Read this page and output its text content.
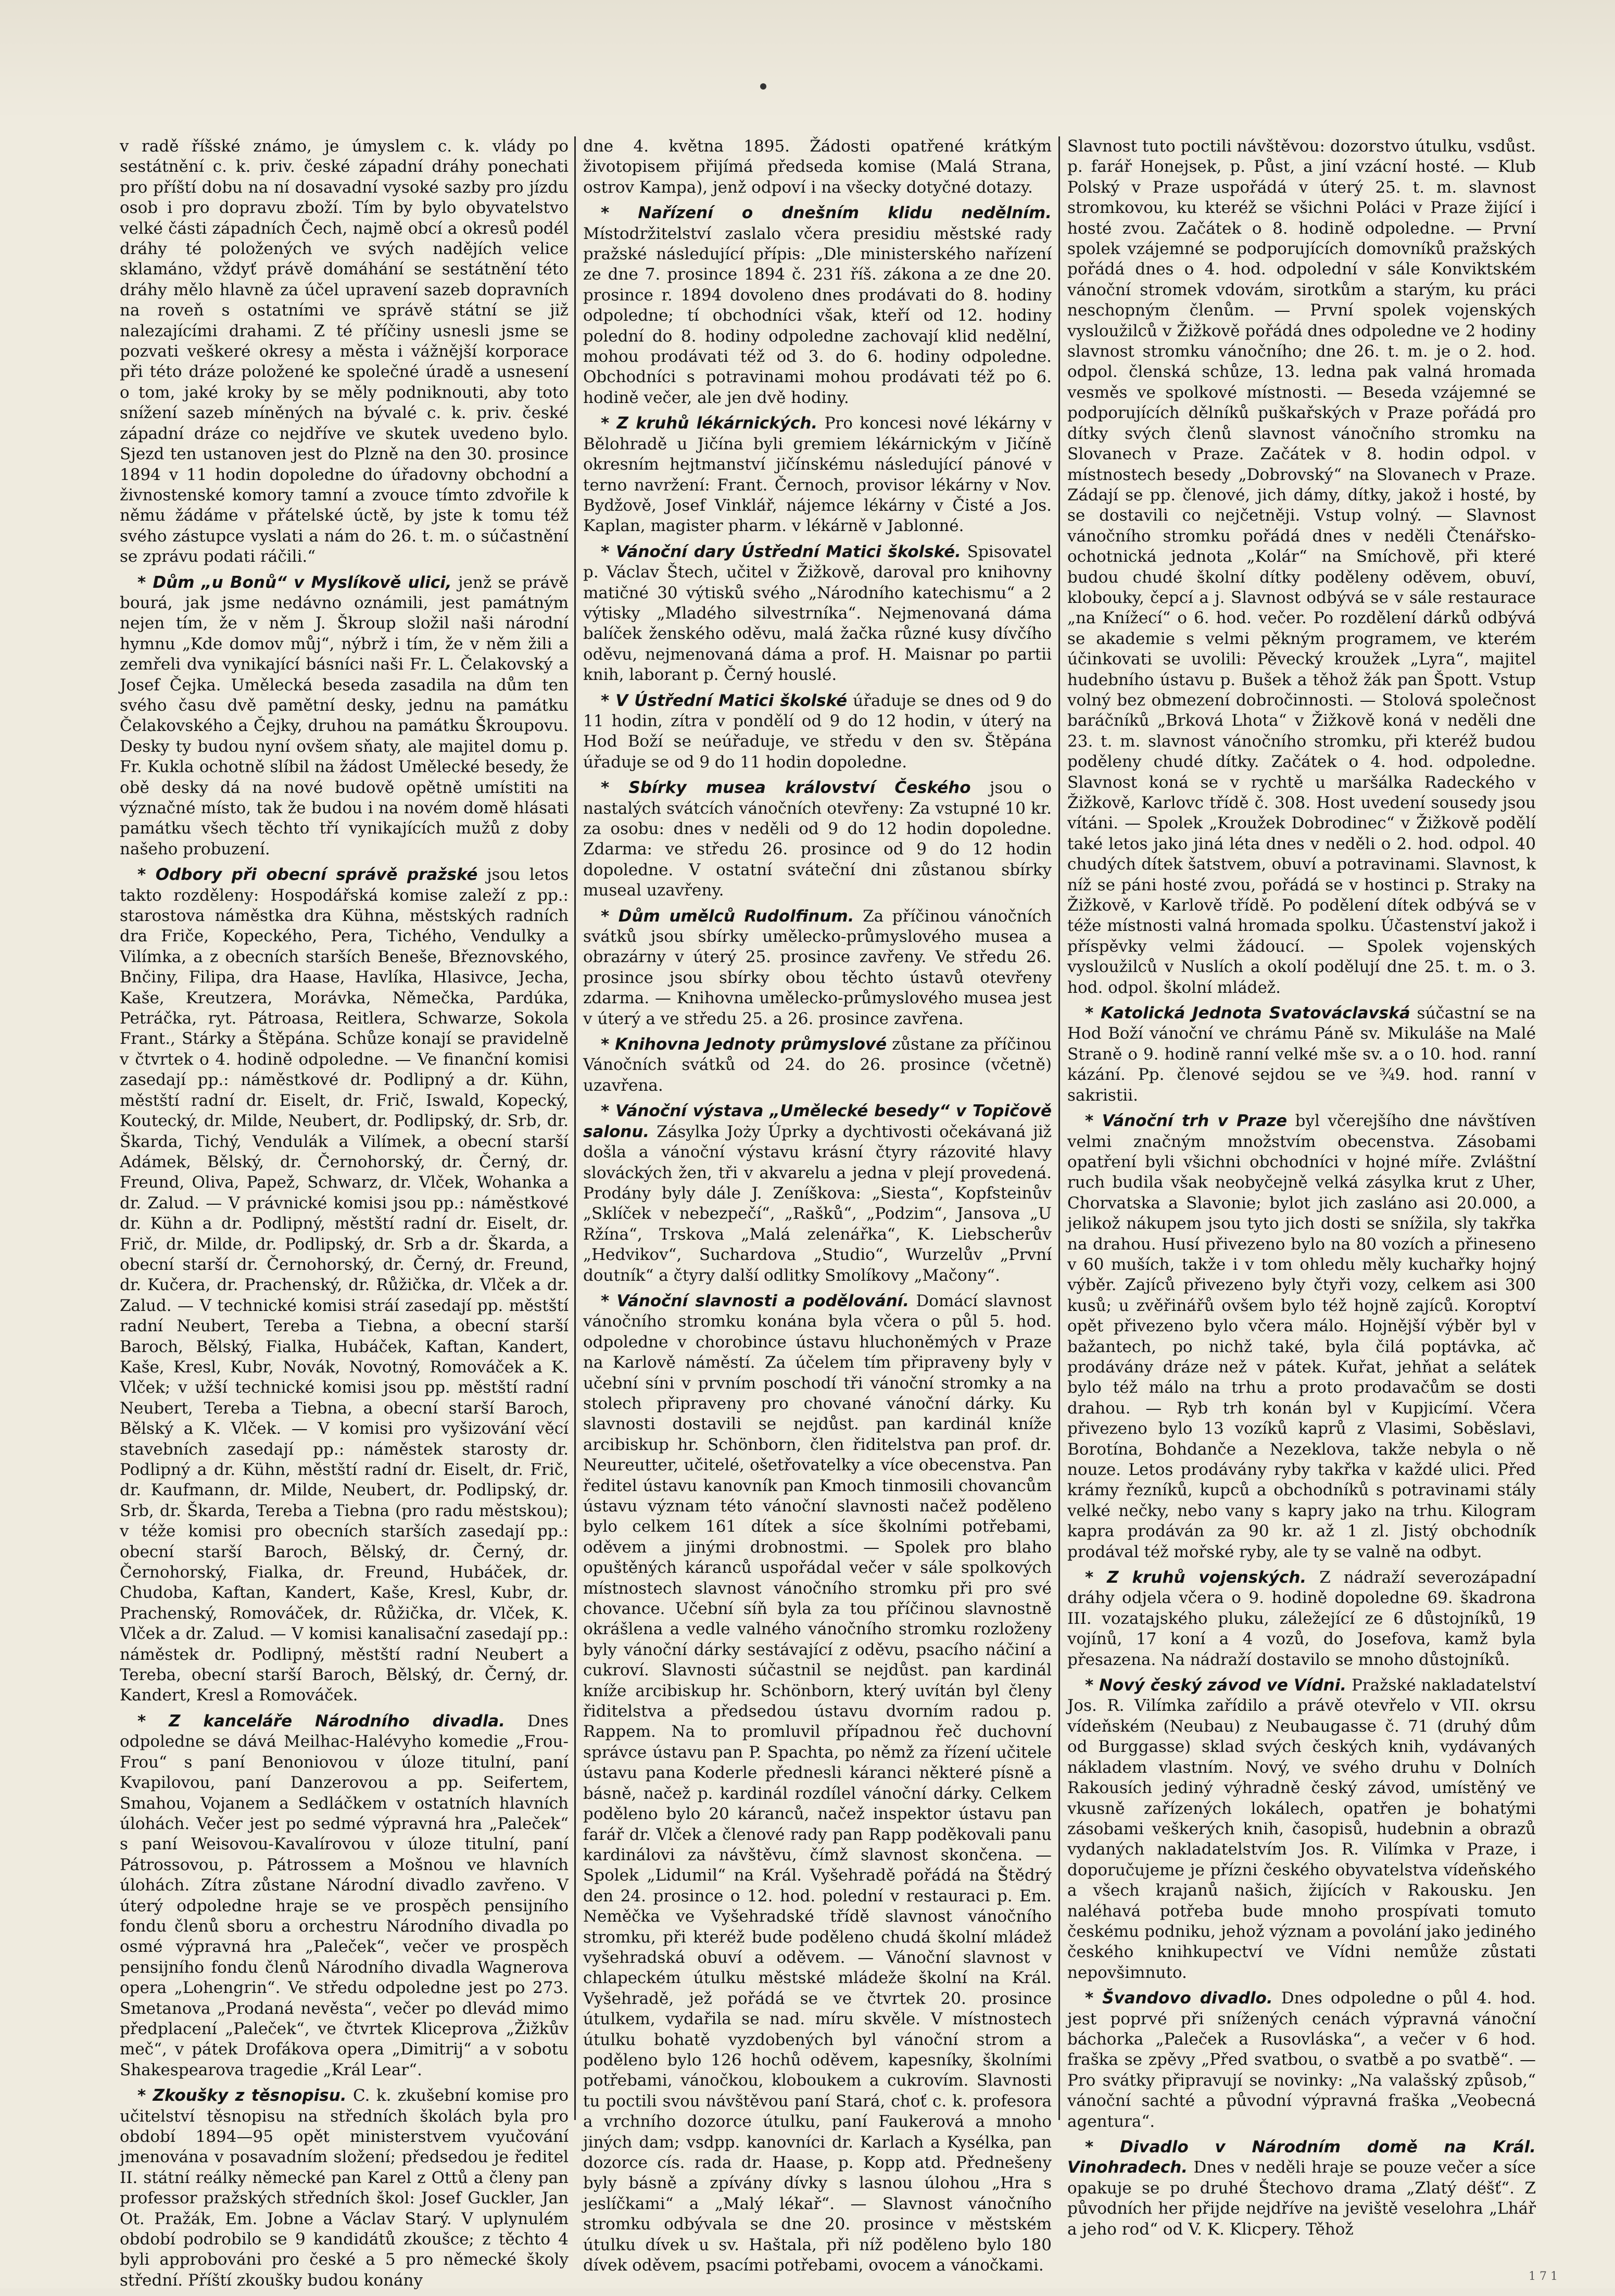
v radě říšské známo, je úmyslem c. k. vlády po sestátnění c. k. priv. české západní dráhy ponechati pro příští dobu na ní dosavadní vysoké sazby pro jízdu osob i pro dopravu zboží. Tím by bylo obyvatelstvo velké části západních Čech, najmě obcí a okresů podél dráhy té položených ve svých nadějích velice sklamáno, vždyť právě domáhání se sestátnění této dráhy mělo hlavně za účel upravení sazeb dopravních na roveň s ostatními ve správě státní se již nalezajícími drahami. Z té příčiny usnesli jsme se pozvati veškeré okresy a města i vážnější korporace při této dráze položené ke společné úradě a usnesení o tom, jaké kroky by se měly podniknouti, aby toto snížení sazeb míněných na bývalé c. k. priv. české západní dráze co nejdříve ve skutek uvedeno bylo. Sjezd ten ustanoven jest do Plzně na den 30. prosince 1894 v 11 hodin dopoledne do úřadovny obchodní a živnostenské komory tamní a zvouce tímto zdvořile k němu žádáme v přátelské úctě, by jste k tomu též svého zástupce vyslati a nám do 26. t. m. o súčastnění se zprávu podati ráčili.“

* Dům „u Bonů“ v Myslíkově ulici, jenž se právě bourá, jak jsme nedávno oznámili, jest památným nejen tím, že v něm J. Škroup složil naši národní hymnu „Kde domov můj“, nýbrž i tím, že v něm žili a zemřeli dva vynikající básníci naši Fr. L. Čelakovský a Josef Čejka. Umělecká beseda zasadila na dům ten svého času dvě pamětní desky, jednu na památku Čelakovského a Čejky, druhou na památku Škroupovu. Desky ty budou nyní ovšem sňaty, ale majitel domu p. Fr. Kukla ochotně slíbil na žádost Umělecké besedy, že obě desky dá na nové budově opětně umístiti na význačné místo, tak že budou i na novém domě hlásati památku všech těchto tří vynikajících mužů z doby našeho probuzení.

* Odbory při obecní správě pražské jsou letos takto rozděleny: Hospodářská komise zaleží z pp.: starostova náměstka dra Kühna, městských radních dra Friče, Kopeckého, Pera, Tichého, Vendulky a Vilímka, a z obecních starších Beneše, Březnovského, Bnčiny, Filipa, dra Haase, Havlíka, Hlasivce, Jecha, Kaše, Kreutzera, Morávka, Němečka, Pardúka, Petráčka, ryt. Pátroasa, Reitlera, Schwarze, Sokola Frant., Stárky a Štěpána. Schůze konají se pravidelně v čtvrtek o 4. hodině odpoledne. — Ve finanční komisi zasedají pp.: náměstkové dr. Podlipný a dr. Kühn, městští radní dr. Eiselt, dr. Frič, Iswald, Kopecký, Koutecký, dr. Milde, Neubert, dr. Podlipský, dr. Srb, dr. Škarda, Tichý, Vendulák a Vilímek, a obecní starší Adámek, Bělský, dr. Černohorský, dr. Černý, dr. Freund, Oliva, Papež, Schwarz, dr. Vlček, Wohanka a dr. Zalud. — V právnické komisi jsou pp.: náměstkové dr. Kühn a dr. Podlipný, městští radní dr. Eiselt, dr. Frič, dr. Milde, dr. Podlipský, dr. Srb a dr. Škarda, a obecní starší dr. Černohorský, dr. Černý, dr. Freund, dr. Kučera, dr. Prachenský, dr. Růžička, dr. Vlček a dr. Zalud. — V technické komisi stráí zasedají pp. městští radní Neubert, Tereba a Tiebna, a obecní starší Baroch, Bělský, Fialka, Hubáček, Kaftan, Kandert, Kaše, Kresl, Kubr, Novák, Novotný, Romováček a K. Vlček; v užší technické komisi jsou pp. městští radní Neubert, Tereba a Tiebna, a obecní starší Baroch, Bělský a K. Vlček. — V komisi pro vyšizování věcí stavebních zasedají pp.: náměstek starosty dr. Podlipný a dr. Kühn, městští radní dr. Eiselt, dr. Frič, dr. Kaufmann, dr. Milde, Neubert, dr. Podlipský, dr. Srb, dr. Škarda, Tereba a Tiebna (pro radu městskou); v téže komisi pro obecních starších zasedají pp.: obecní starší Baroch, Bělský, dr. Černý, dr. Černohorský, Fialka, dr. Freund, Hubáček, dr. Chudoba, Kaftan, Kandert, Kaše, Kresl, Kubr, dr. Prachenský, Romováček, dr. Růžička, dr. Vlček, K. Vlček a dr. Zalud. — V komisi kanalisační zasedají pp.: náměstek dr. Podlipný, městští radní Neubert a Tereba, obecní starší Baroch, Bělský, dr. Černý, dr. Kandert, Kresl a Romováček.

* Z kanceláře Národního divadla. Dnes odpoledne se dává Meilhac-Halévyho komedie „Frou-Frou“ s paní Benoniovou v úloze titulní, paní Kvapilovou, paní Danzerovou a pp. Seifertem, Smahou, Vojanem a Sedláčkem v ostatních hlavních úlohách. Večer jest po sedmé výpravná hra „Paleček“ s paní Weisovou-Kavalírovou v úloze titulní, paní Pátrossovou, p. Pátrossem a Mošnou ve hlavních úlohách. Zítra zůstane Národní divadlo zavřeno. V úterý odpoledne hraje se ve prospěch pensijního fondu členů sboru a orchestru Národního divadla po osmé výpravná hra „Paleček“, večer ve prospěch pensijního fondu členů Národního divadla Wagnerova opera „Lohengrin“. Ve středu odpoledne jest po 273. Smetanova „Prodaná nevěsta“, večer po dlevád mimo předplacení „Paleček“, ve čtvrtek Kliceprova „Žižkův meč“, v pátek Drofákova opera „Dimitrij“ a v sobotu Shakespearova tragedie „Král Lear“.

* Zkoušky z těsnopisu. C. k. zkušební komise pro učitelství těsnopisu na středních školách byla pro období 1894—95 opět ministerstvem vyučování jmenována v posavadním složení; předsedou je ředitel II. státní reálky německé pan Karel z Ottů a členy pan professor pražských středních škol: Josef Guckler, Jan Ot. Pražák, Em. Jobne a Václav Starý. V uplynulém období podrobilo se 9 kandidátů zkoušce; z těchto 4 byli approbováni pro české a 5 pro německé školy střední. Příští zkoušky budou konány

dne 4. května 1895. Žádosti opatřené krátkým životopisem přijímá předseda komise (Malá Strana, ostrov Kampa), jenž odpoví i na všecky dotyčné dotazy.

* Nařízení o dnešním klidu nedělním. Místodržitelství zaslalo včera presidiu městské rady pražské následující přípis: „Dle ministerského nařízení ze dne 7. prosince 1894 č. 231 říš. zákona a ze dne 20. prosince r. 1894 dovoleno dnes prodávati do 8. hodiny odpoledne; tí obchodníci však, kteří od 12. hodiny polední do 8. hodiny odpoledne zachovají klid nedělní, mohou prodávati též od 3. do 6. hodiny odpoledne. Obchodníci s potravinami mohou prodávati též po 6. hodině večer, ale jen dvě hodiny.

* Z kruhů lékárnických. Pro koncesi nové lékárny v Bělohradě u Jičína byli gremiem lékárnickým v Jičíně okresním hejtmanství jičínskému následující pánové v terno navržení: Frant. Černoch, provisor lékárny v Nov. Bydžově, Josef Vinklář, nájemce lékárny v Čisté a Jos. Kaplan, magister pharm. v lékárně v Jablonné.

* Vánoční dary Ústřední Matici školské. Spisovatel p. Václav Štech, učitel v Žižkově, daroval pro knihovny matičné 30 výtisků svého „Národního katechismu“ a 2 výtisky „Mladého silvestrníka“. Nejmenovaná dáma balíček ženského oděvu, malá žačka různé kusy dívčího oděvu, nejmenovaná dáma a prof. H. Maisnar po partii knih, laborant p. Černý houslé.

* V Ústřední Matici školské úřaduje se dnes od 9 do 11 hodin, zítra v pondělí od 9 do 12 hodin, v úterý na Hod Boží se neúřaduje, ve středu v den sv. Štěpána úřaduje se od 9 do 11 hodin dopoledne.

* Sbírky musea království Českého jsou o nastalých svátcích vánočních otevřeny: Za vstupné 10 kr. za osobu: dnes v neděli od 9 do 12 hodin dopoledne. Zdarma: ve středu 26. prosince od 9 do 12 hodin dopoledne. V ostatní sváteční dni zůstanou sbírky museal uzavřeny.

* Dům umělců Rudolfinum. Za příčinou vánočních svátků jsou sbírky umělecko-průmyslového musea a obrazárny v úterý 25. prosince zavřeny. Ve středu 26. prosince jsou sbírky obou těchto ústavů otevřeny zdarma. — Knihovna umělecko-průmyslového musea jest v úterý a ve středu 25. a 26. prosince zavřena.

* Knihovna Jednoty průmyslové zůstane za příčinou Vánočních svátků od 24. do 26. prosince (včetně) uzavřena.

* Vánoční výstava „Umělecké besedy“ v Topičově salonu. Zásylka Joży Úprky a dychtivosti očekávaná již došla a vánoční výstavu krásní čtyry rázovité hlavy slováckých žen, tři v akvarelu a jedna v plejí provedená. Prodány byly dále J. Zeníškova: „Siesta“, Kopfsteinův „Sklíček v nebezpečí“, „Rašků“, „Podzim“, Jansova „U Ržína“, Trskova „Malá zelenářka“, K. Liebscherův „Hedvikov“, Suchardova „Studio“, Wurzelův „První doutník“ a čtyry další odlitky Smolíkovy „Mačony“.

* Vánoční slavnosti a podělování. Domácí slavnost vánočního stromku konána byla včera o půl 5. hod. odpoledne v chorobince ústavu hluchoněmých v Praze na Karlově náměstí. Za účelem tím připraveny byly v učební síni v prvním poschodí tři vánoční stromky a na stolech připraveny pro chované vánoční dárky. Ku slavnosti dostavili se nejdůst. pan kardinál kníže arcibiskup hr. Schönborn, člen řiditelstva pan prof. dr. Neureutter, učitelé, ošetřovatelky a více obecenstva. Pan ředitel ústavu kanovník pan Kmoch tinmosili chovancům ústavu význam této vánoční slavnosti načež poděleno bylo celkem 161 dítek a síce školními potřebami, oděvem a jinými drobnostmi. — Spolek pro blaho opuštěných káranců uspořádal večer v sále spolkových místnostech slavnost vánočního stromku při pro své chovance. Učební síň byla za tou příčinou slavnostně okrášlena a vedle valného vánočního stromku rozloženy byly vánoční dárky sestávající z oděvu, psacího náčiní a cukroví. Slavnosti súčastnil se nejdůst. pan kardinál kníže arcibiskup hr. Schönborn, který uvítán byl členy řiditelstva a předsedou ústavu dvorním radou p. Rappem. Na to promluvil případnou řeč duchovní správce ústavu pan P. Spachta, po němž za řízení učitele ústavu pana Koderle přednesli káranci některé písně a básně, načež p. kardinál rozdílel vánoční dárky. Celkem poděleno bylo 20 káranců, načež inspektor ústavu pan farář dr. Vlček a členové rady pan Rapp poděkovali panu kardinálovi za návštěvu, čímž slavnost skončena. — Spolek „Lidumil“ na Král. Vyšehradě pořádá na Štědrý den 24. prosince o 12. hod. polední v restauraci p. Em. Neměčka ve Vyšehradské třídě slavnost vánočního stromku, při kteréž bude poděleno chudá školní mládež vyšehradská obuví a oděvem. — Vánoční slavnost v chlapeckém útulku městské mládeže školní na Král. Vyšehradě, jež pořádá se ve čtvrtek 20. prosince útulkem, vydařila se nad. míru skvěle. V místnostech útulku bohatě vyzdobených byl vánoční strom a poděleno bylo 126 hochů oděvem, kapesníky, školními potřebami, vánočkou, kloboukem a cukrovím. Slavnosti tu poctili svou návštěvou paní Stará, choť c. k. profesora a vrchního dozorce útulku, paní Faukerová a mnoho jiných dam; vsdpp. kanovníci dr. Karlach a Kysélka, pan dozorce cís. rada dr. Haase, p. Kopp atd. Přednešeny byly básně a zpívány dívky s lasnou úlohou „Hra s jeslíčkami“ a „Malý lékař“. — Slavnost vánočního stromku odbývala se dne 20. prosince v městském útulku dívek u sv. Haštala, při níž poděleno bylo 180 dívek oděvem, psacími potřebami, ovocem a vánočkami.

Slavnost tuto poctili návštěvou: dozorstvo útulku, vsdůst. p. farář Honejsek, p. Půst, a jiní vzácní hosté. — Klub Polský v Praze uspořádá v úterý 25. t. m. slavnost stromkovou, ku kteréž se všichni Poláci v Praze žijící i hosté zvou. Začátek o 8. hodině odpoledne. — První spolek vzájemné se podporujících domovníků pražských pořádá dnes o 4. hod. odpolední v sále Konviktském vánoční stromek vdovám, sirotkům a starým, ku práci neschopným členům. — První spolek vojenských vysloužilců v Žižkově pořádá dnes odpoledne ve 2 hodiny slavnost stromku vánočního; dne 26. t. m. je o 2. hod. odpol. členská schůze, 13. ledna pak valná hromada vesměs ve spolkové místnosti. — Beseda vzájemné se podporujících dělníků puškařských v Praze pořádá pro dítky svých členů slavnost vánočního stromku na Slovanech v Praze. Začátek v 8. hodin odpol. v místnostech besedy „Dobrovský“ na Slovanech v Praze. Zádají se pp. členové, jich dámy, dítky, jakož i hosté, by se dostavili co nejčetněji. Vstup volný. — Slavnost vánočního stromku pořádá dnes v neděli Čtenářsko-ochotnická jednota „Kolár“ na Smíchově, při které budou chudé školní dítky poděleny oděvem, obuví, klobouky, čepcí a j. Slavnost odbývá se v sále restaurace „na Knížecí“ o 6. hod. večer. Po rozdělení dárků odbývá se akademie s velmi pěkným programem, ve kterém účinkovati se uvolili: Pěvecký kroužek „Lyra“, majitel hudebního ústavu p. Bušek a těhož žák pan Špott. Vstup volný bez obmezení dobročinnosti. — Stolová společnost baráčníků „Brková Lhota“ v Žižkově koná v neděli dne 23. t. m. slavnost vánočního stromku, při kteréž budou poděleny chudé dítky. Začátek o 4. hod. odpoledne. Slavnost koná se v rychtě u maršálka Radeckého v Žižkově, Karlovc třídě č. 308. Host uvedení sousedy jsou vítáni. — Spolek „Kroužek Dobrodinec“ v Žižkově podělí také letos jako jiná léta dnes v neděli o 2. hod. odpol. 40 chudých dítek šatstvem, obuví a potravinami. Slavnost, k níž se páni hosté zvou, pořádá se v hostinci p. Straky na Žižkově, v Karlově třídě. Po podělení dítek odbývá se v téže místnosti valná hromada spolku. Účastenství jakož i příspěvky velmi žádoucí. — Spolek vojenských vysloužilců v Nuslích a okolí podělují dne 25. t. m. o 3. hod. odpol. školní mládež.

* Katolická Jednota Svatováclavská súčastní se na Hod Boží vánoční ve chrámu Páně sv. Mikuláše na Malé Straně o 9. hodině ranní velké mše sv. a o 10. hod. ranní kázání. Pp. členové sejdou se ve ¾9. hod. ranní v sakristii.

* Vánoční trh v Praze byl včerejšího dne návštíven velmi značným množstvím obecenstva. Zásobami opatření byli všichni obchodníci v hojné míře. Zvláštní ruch budila však neobyčejně velká zásylka krut z Uher, Chorvatska a Slavonie; bylot jich zasláno asi 20.000, a jelikož nákupem jsou tyto jich dosti se snížila, sly takřka na drahou. Husí přivezeno bylo na 80 vozích a přineseno v 60 muších, takže i v tom ohledu měly kuchařky hojný výběr. Zajíců přivezeno byly čtyři vozy, celkem asi 300 kusů; u zvěřinářů ovšem bylo též hojně zajíců. Koroptví opět přivezeno bylo včera málo. Hojnější výběr byl v bažantech, po nichž také, byla čilá poptávka, ač prodávány dráze než v pátek. Kuřat, jehňat a selátek bylo též málo na trhu a proto prodavačům se dosti drahou. — Ryb trh konán byl v Kupjicímí. Včera přivezeno bylo 13 vozíků kaprů z Vlasimi, Soběslavi, Borotína, Bohdanče a Nezeklova, takže nebyla o ně nouze. Letos prodávány ryby takřka v každé ulici. Před krámy řezníků, kupců a obchodníků s potravinami stály velké nečky, nebo vany s kapry jako na trhu. Kilogram kapra prodáván za 90 kr. až 1 zl. Jistý obchodník prodával též mořské ryby, ale ty se valně na odbyt.

* Z kruhů vojenských. Z nádraží severozápadní dráhy odjela včera o 9. hodině dopoledne 69. škadrona III. vozatajského pluku, záležející ze 6 důstojníků, 19 vojínů, 17 koní a 4 vozů, do Josefova, kamž byla přesazena. Na nádraží dostavilo se mnoho důstojníků.

* Nový český závod ve Vídni. Pražské nakladatelství Jos. R. Vilímka zařídilo a právě otevřelo v VII. okrsu vídeňském (Neubau) z Neubaugasse č. 71 (druhý dům od Burggasse) sklad svých českých knih, vydávaných nákladem vlastním. Nový, ve svého druhu v Dolních Rakousích jediný výhradně český závod, umístěný ve vkusně zařízených lokálech, opatřen je bohatými zásobami veškerých knih, časopisů, hudebnin a obrazů vydaných nakladatelstvím Jos. R. Vilímka v Praze, i doporučujeme je přízni českého obyvatelstva vídeňského a všech krajanů našich, žijících v Rakousku. Jen naléhavá potřeba bude mnoho prospívati tomuto českému podniku, jehož význam a povolání jako jediného českého knihkupectví ve Vídni nemůže zůstati nepovšimnuto.

* Švandovo divadlo. Dnes odpoledne o půl 4. hod. jest poprvé při snížených cenách výpravná vánoční báchorka „Paleček a Rusovláska“, a večer v 6 hod. fraška se zpěvy „Před svatbou, o svatbě a po svatbě“. — Pro svátky připravují se novinky: „Na valašský způsob,“ vánoční sachté a původní výpravná fraška „Veobecná agentura“.

* Divadlo v Národním domě na Král. Vinohradech. Dnes v neděli hraje se pouze večer a síce opakuje se po druhé Štechovo drama „Zlatý déšť“. Z původních her přijde nejdříve na jeviště veselohra „Lhář a jeho rod“ od V. K. Klicpery. Těhož

1 7 1
